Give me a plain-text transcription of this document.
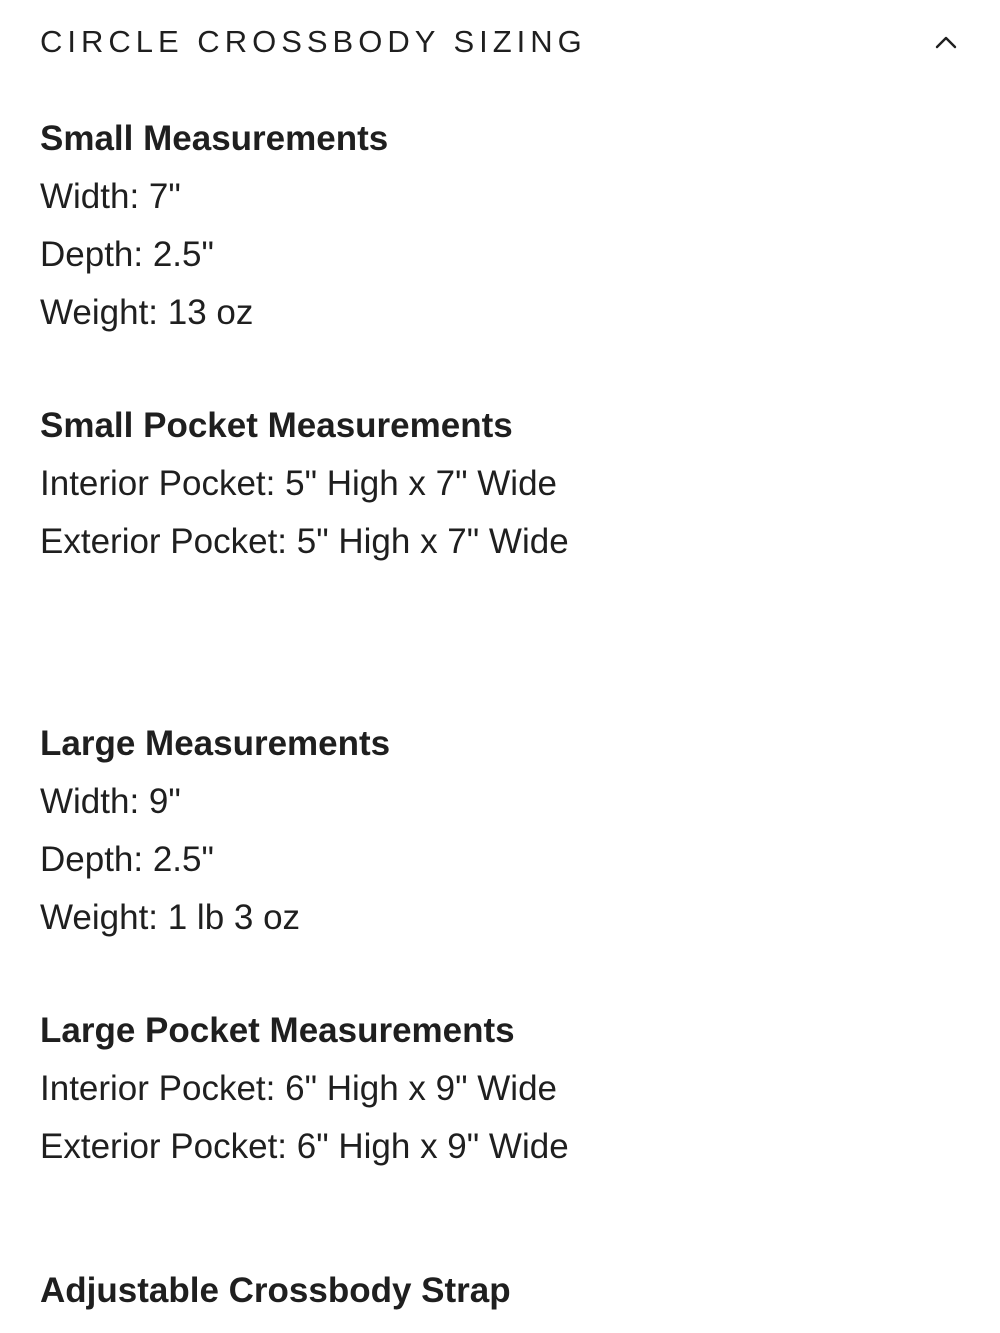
CIRCLE CROSSBODY SIZING
Small Measurements
Width: 7"
Depth: 2.5"
Weight: 13 oz
Small Pocket Measurements
Interior Pocket: 5" High x 7" Wide
Exterior Pocket: 5" High x 7" Wide
Large Measurements
Width: 9"
Depth: 2.5"
Weight: 1 lb 3 oz
Large Pocket Measurements
Interior Pocket: 6" High x 9" Wide
Exterior Pocket: 6" High x 9" Wide
Adjustable Crossbody Strap
